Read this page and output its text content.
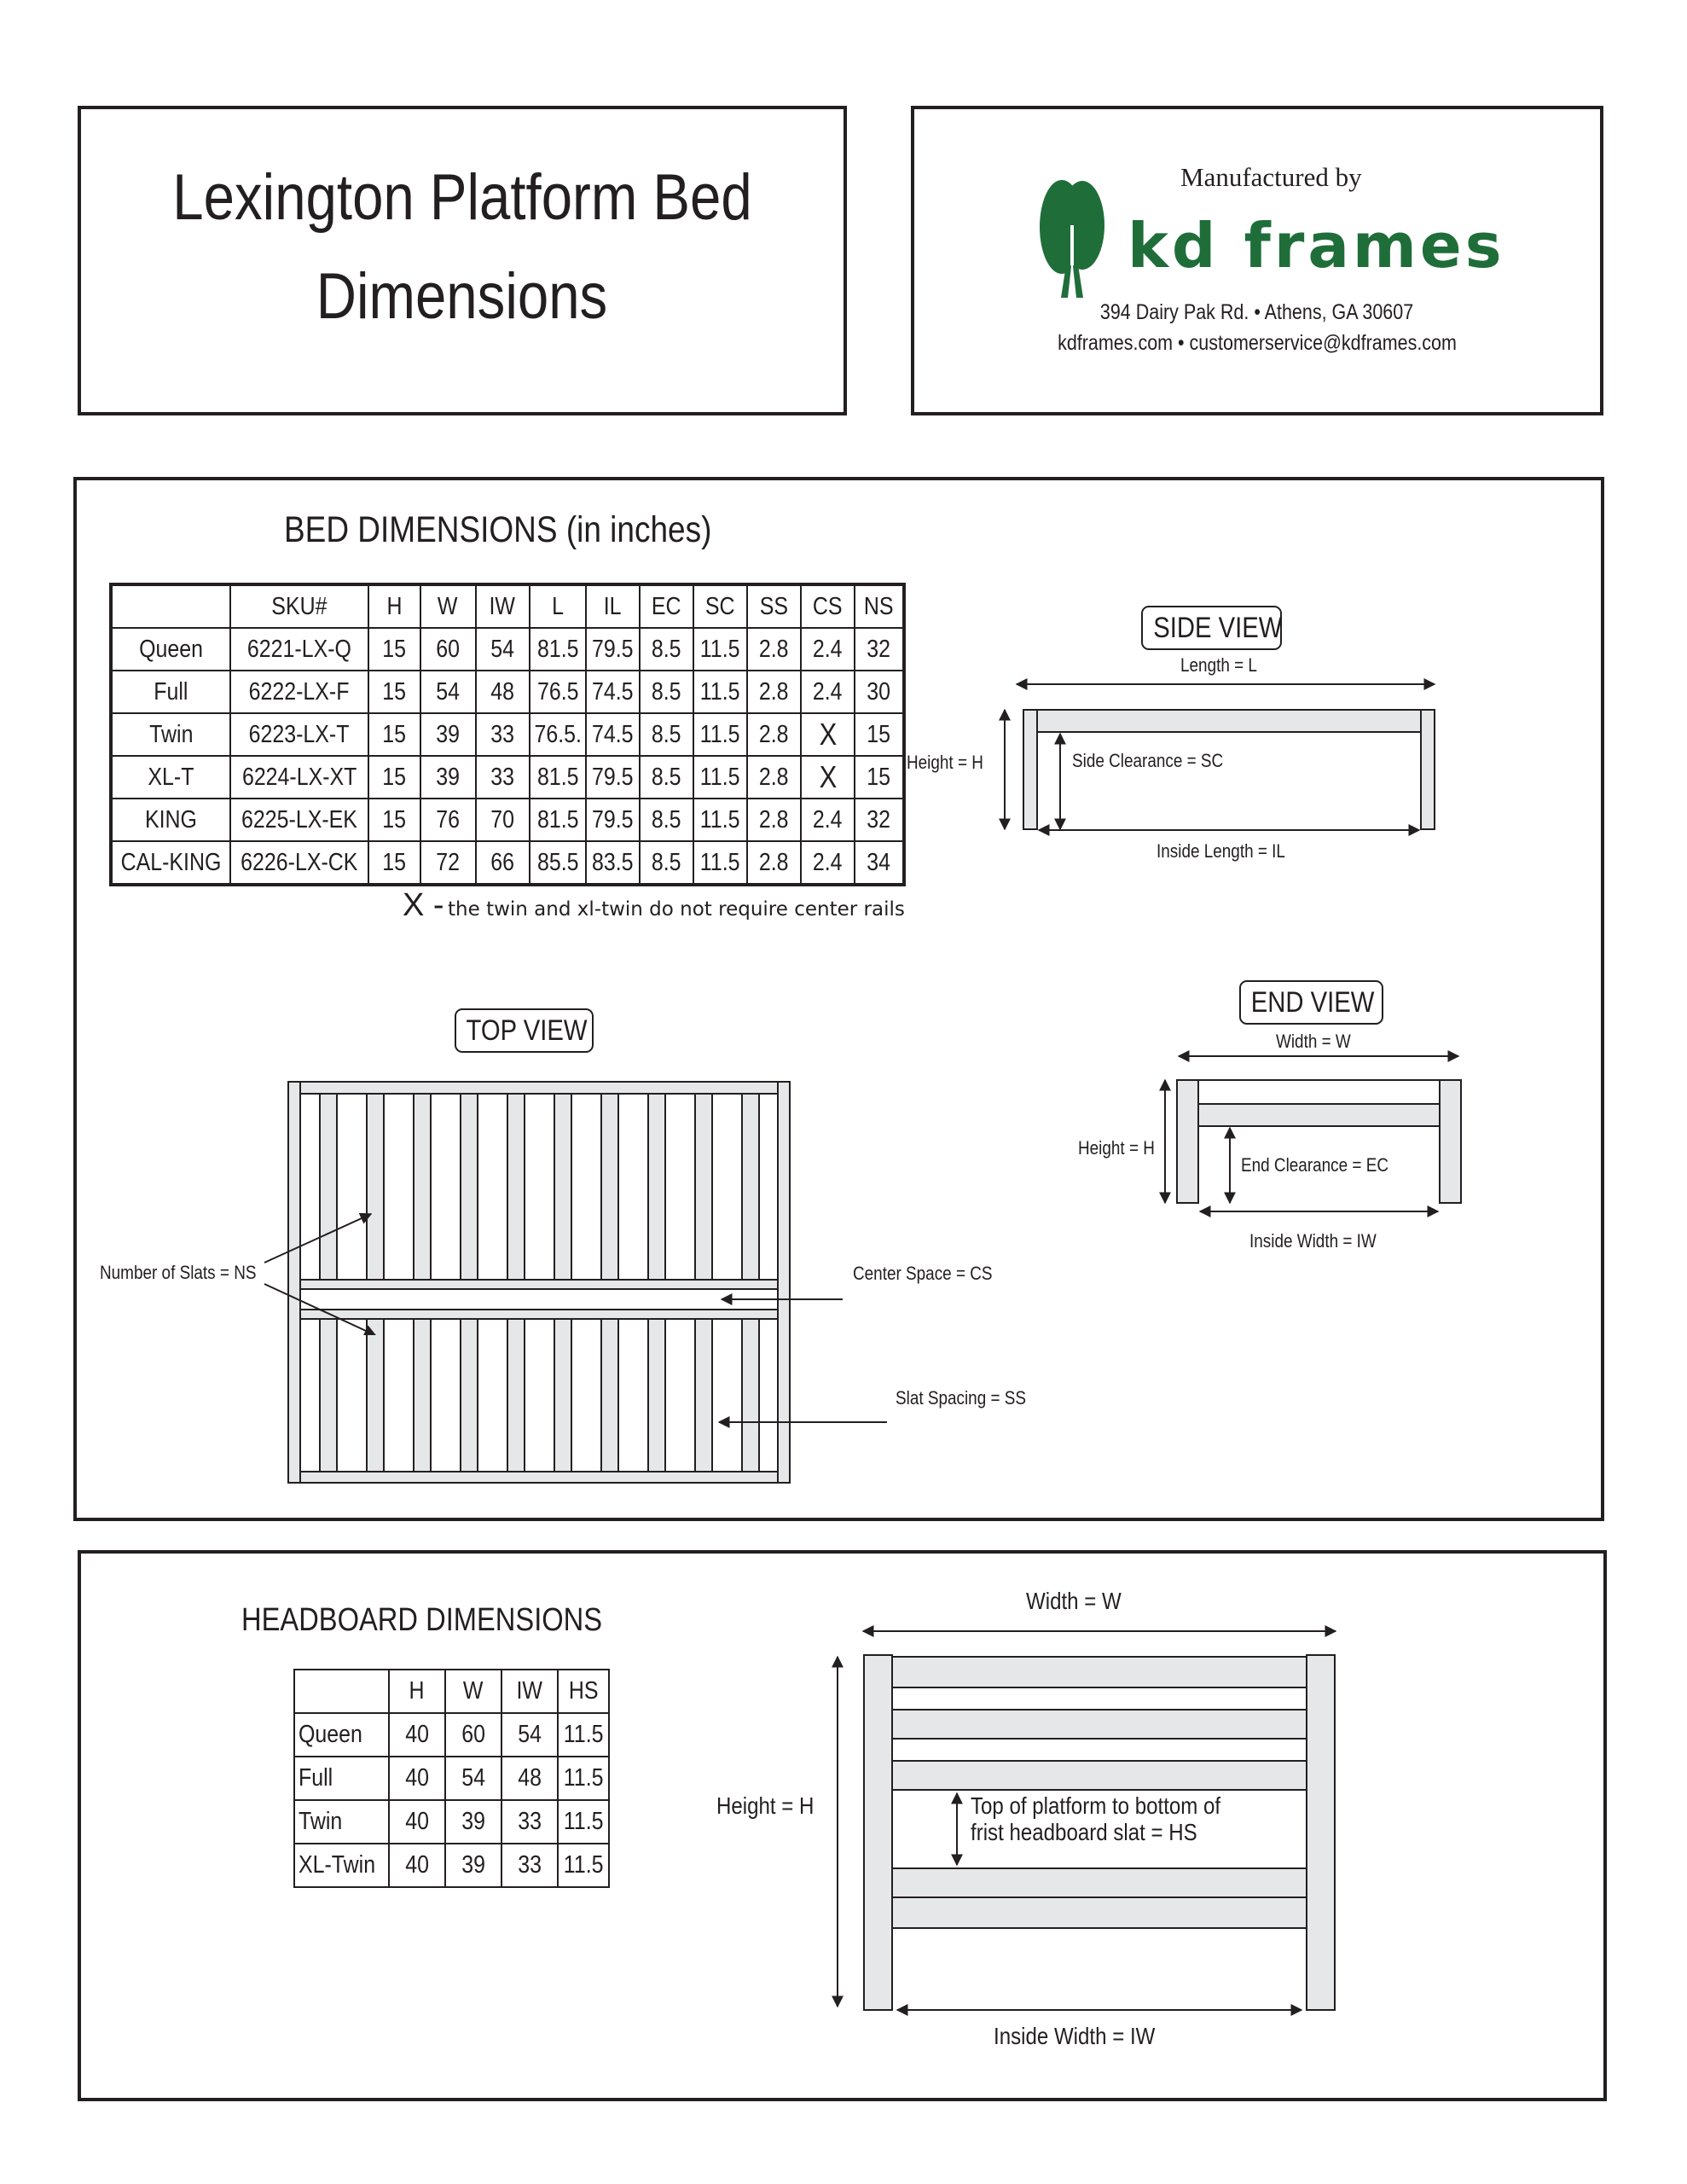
Lexington Platform Bed
Dimensions
Manufactured by
kd frames
394 Dairy Pak Rd. • Athens, GA 30607
kdframes.com • customerservice@kdframes.com
BED DIMENSIONS (in inches)
	SKU#	H	W	IW	L	IL	EC	SC	SS	CS	NS
Queen	6221-LX-Q	15	60	54	81.5	79.5	8.5	11.5	2.8	2.4	32
Full	6222-LX-F	15	54	48	76.5	74.5	8.5	11.5	2.8	2.4	30
Twin	6223-LX-T	15	39	33	76.5.	74.5	8.5	11.5	2.8	X	15
XL-T	6224-LX-XT	15	39	33	81.5	79.5	8.5	11.5	2.8	X	15
KING	6225-LX-EK	15	76	70	81.5	79.5	8.5	11.5	2.8	2.4	32
CAL-KING	6226-LX-CK	15	72	66	85.5	83.5	8.5	11.5	2.8	2.4	34
X - the twin and xl-twin do not require center rails
SIDE VIEW
Length = L
Height = H	Side Clearance = SC
Inside Length = IL
END VIEW
Width = W
Height = H
End Clearance = EC
Inside Width = IW
TOP VIEW
Number of Slats = NS	Center Space = CS
Slat Spacing = SS
HEADBOARD DIMENSIONS
	H	W	IW	HS
Queen	40	60	54	11.5
Full	40	54	48	11.5
Twin	40	39	33	11.5
XL-Twin	40	39	33	11.5
Width = W
Height = H	Top of platform to bottom of
frist headboard slat = HS
Inside Width = IW
